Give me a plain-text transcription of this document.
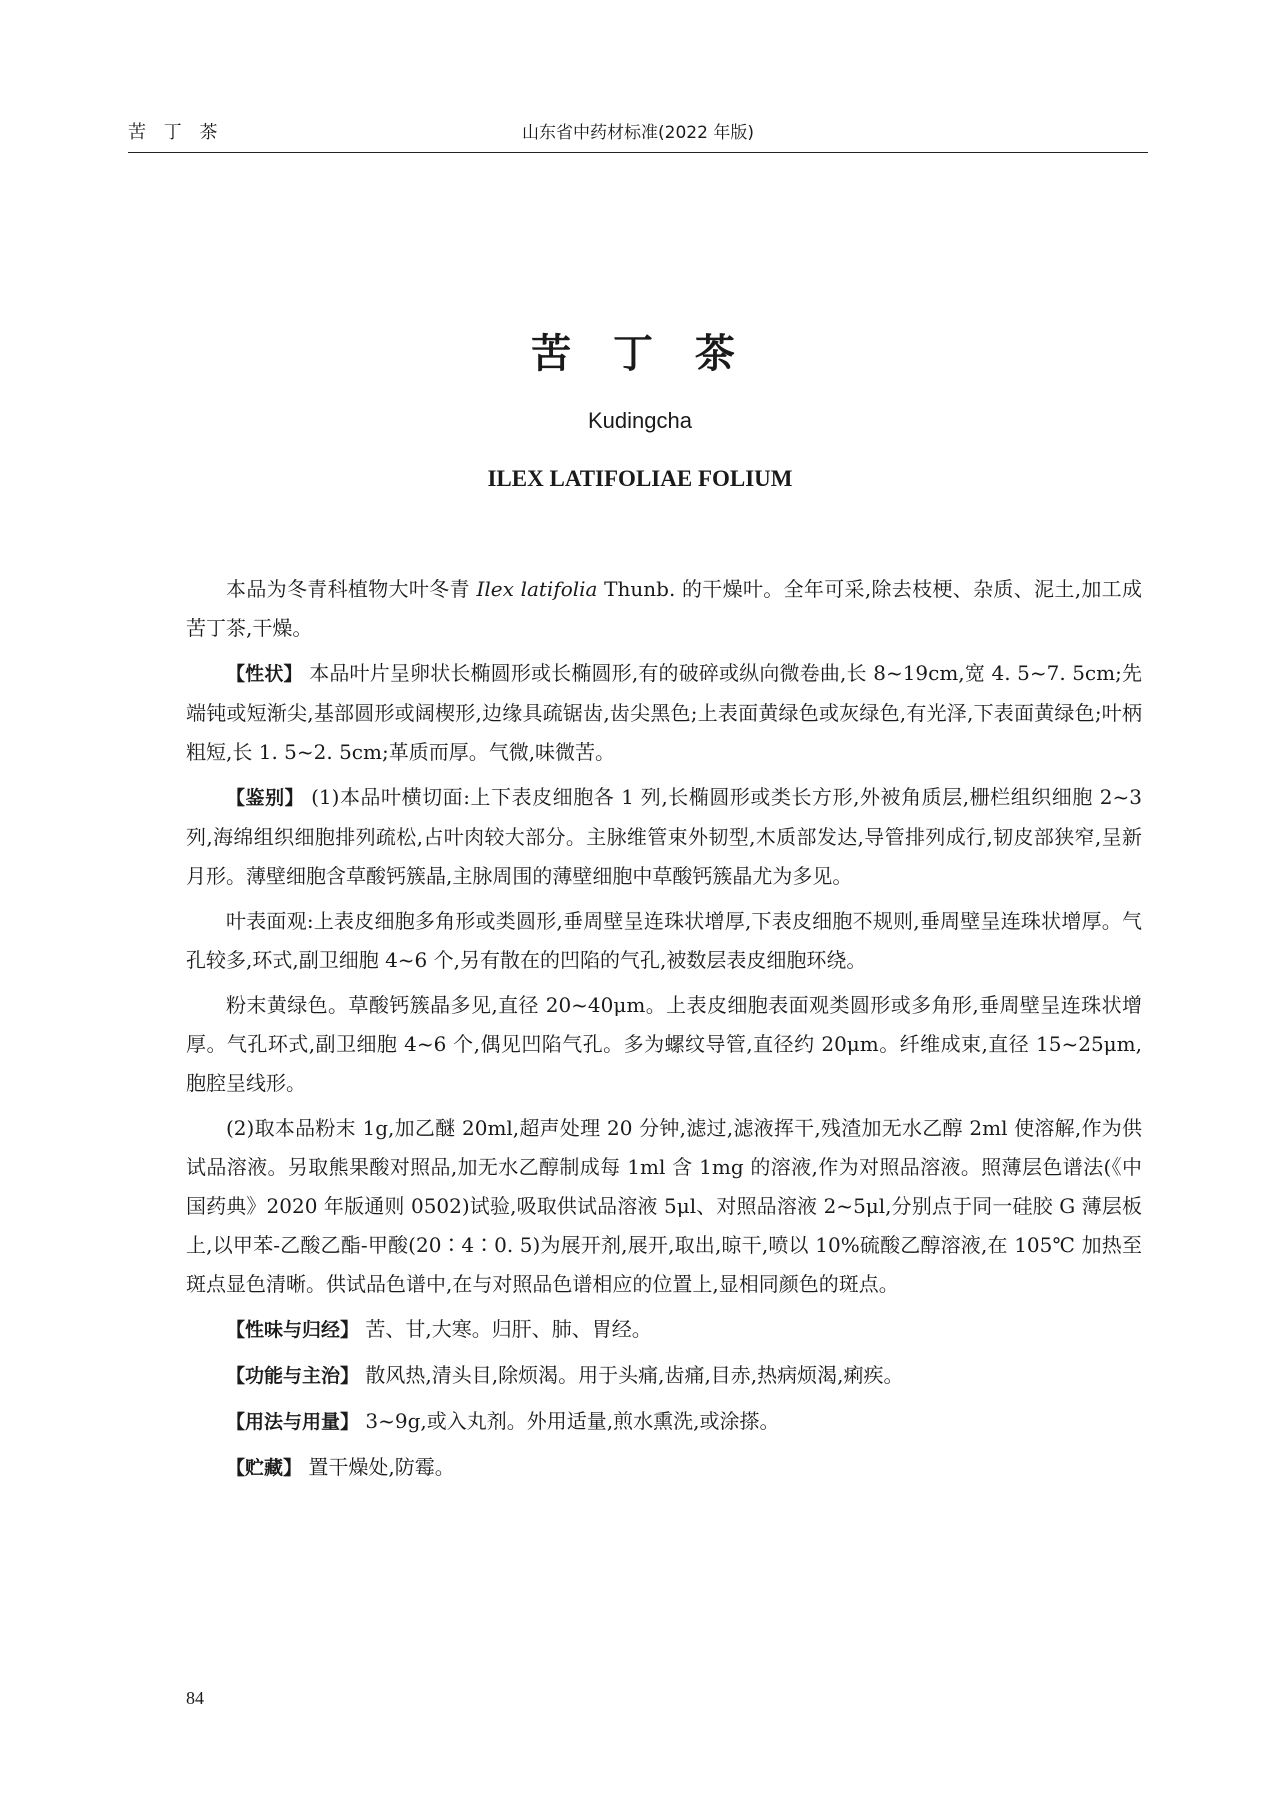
苦 丁 茶	山东省中药材标准(2022 年版)
苦 丁 茶
Kudingcha
ILEX LATIFOLIAE FOLIUM

本品为冬青科植物大叶冬青 Ilex latifolia Thunb. 的干燥叶。全年可采,除去枝梗、杂质、泥土,加工成苦丁茶,干燥。

【性状】 本品叶片呈卵状长椭圆形或长椭圆形,有的破碎或纵向微卷曲,长 8~19cm,宽 4. 5~7. 5cm;先端钝或短渐尖,基部圆形或阔楔形,边缘具疏锯齿,齿尖黑色;上表面黄绿色或灰绿色,有光泽,下表面黄绿色;叶柄粗短,长 1. 5~2. 5cm;革质而厚。气微,味微苦。

【鉴别】 (1)本品叶横切面:上下表皮细胞各 1 列,长椭圆形或类长方形,外被角质层,栅栏组织细胞 2~3 列,海绵组织细胞排列疏松,占叶肉较大部分。主脉维管束外韧型,木质部发达,导管排列成行,韧皮部狭窄,呈新月形。薄壁细胞含草酸钙簇晶,主脉周围的薄壁细胞中草酸钙簇晶尤为多见。

叶表面观:上表皮细胞多角形或类圆形,垂周壁呈连珠状增厚,下表皮细胞不规则,垂周壁呈连珠状增厚。气孔较多,环式,副卫细胞 4~6 个,另有散在的凹陷的气孔,被数层表皮细胞环绕。

粉末黄绿色。草酸钙簇晶多见,直径 20~40μm。上表皮细胞表面观类圆形或多角形,垂周壁呈连珠状增厚。气孔环式,副卫细胞 4~6 个,偶见凹陷气孔。多为螺纹导管,直径约 20μm。纤维成束,直径 15~25μm,胞腔呈线形。

(2)取本品粉末 1g,加乙醚 20ml,超声处理 20 分钟,滤过,滤液挥干,残渣加无水乙醇 2ml 使溶解,作为供试品溶液。另取熊果酸对照品,加无水乙醇制成每 1ml 含 1mg 的溶液,作为对照品溶液。照薄层色谱法(《中国药典》2020 年版通则 0502)试验,吸取供试品溶液 5μl、对照品溶液 2~5μl,分别点于同一硅胶 G 薄层板上,以甲苯-乙酸乙酯-甲酸(20∶4∶0. 5)为展开剂,展开,取出,晾干,喷以 10%硫酸乙醇溶液,在 105℃ 加热至斑点显色清晰。供试品色谱中,在与对照品色谱相应的位置上,显相同颜色的斑点。

【性味与归经】 苦、甘,大寒。归肝、肺、胃经。

【功能与主治】 散风热,清头目,除烦渴。用于头痛,齿痛,目赤,热病烦渴,痢疾。

【用法与用量】 3~9g,或入丸剂。外用适量,煎水熏洗,或涂搽。

【贮藏】 置干燥处,防霉。

84
